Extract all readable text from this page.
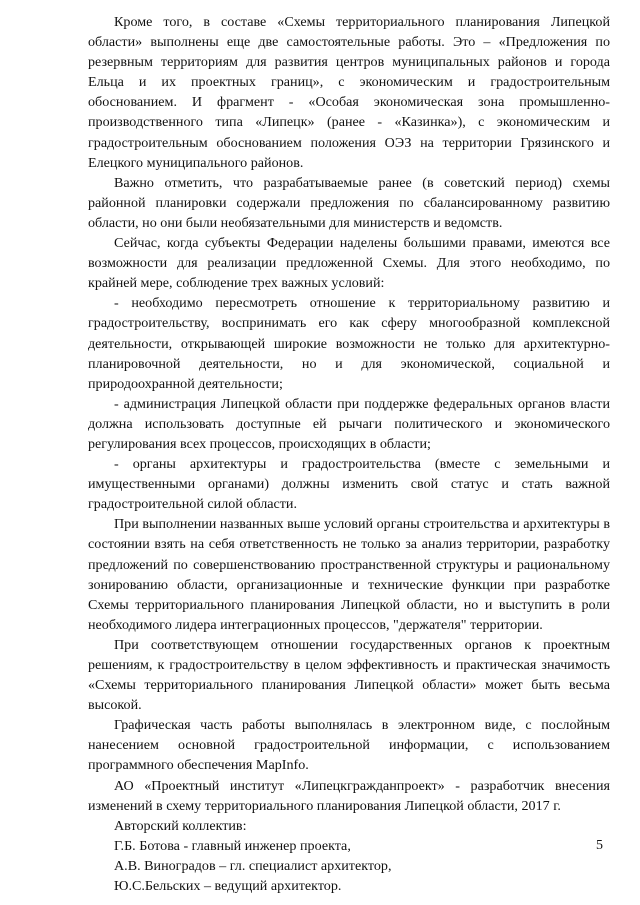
Кроме того, в составе «Схемы территориального планирования Липецкой области» выполнены еще две самостоятельные работы. Это – «Предложения по резервным территориям для развития центров муниципальных районов и города Ельца и их проектных границ», с экономическим и градостроительным обоснованием. И фрагмент - «Особая экономическая зона промышленно-производственного типа «Липецк» (ранее - «Казинка»), с экономическим и градостроительным обоснованием положения ОЭЗ на территории Грязинского и Елецкого муниципального районов.

Важно отметить, что разрабатываемые ранее (в советский период) схемы районной планировки содержали предложения по сбалансированному развитию области, но они были необязательными для министерств и ведомств.

Сейчас, когда субъекты Федерации наделены большими правами, имеются все возможности для реализации предложенной Схемы. Для этого необходимо, по крайней мере, соблюдение трех важных условий:

- необходимо пересмотреть отношение к территориальному развитию и градостроительству, воспринимать его как сферу многообразной комплексной деятельности, открывающей широкие возможности не только для архитектурно-планировочной деятельности, но и для экономической, социальной и природоохранной деятельности;

- администрация Липецкой области при поддержке федеральных органов власти должна использовать доступные ей рычаги политического и экономического регулирования всех процессов, происходящих в области;

- органы архитектуры и градостроительства (вместе с земельными и имущественными органами) должны изменить свой статус и стать важной градостроительной силой области.

При выполнении названных выше условий органы строительства и архитектуры в состоянии взять на себя ответственность не только за анализ территории, разработку предложений по совершенствованию пространственной структуры и рациональному зонированию области, организационные и технические функции при разработке Схемы территориального планирования Липецкой области, но и выступить в роли необходимого лидера интеграционных процессов, "держателя" территории.

При соответствующем отношении государственных органов к проектным решениям, к градостроительству в целом эффективность и практическая значимость «Схемы территориального планирования Липецкой области» может быть весьма высокой.

Графическая часть работы выполнялась в электронном виде, с послойным нанесением основной градостроительной информации, с использованием программного обеспечения MapInfo.

АО «Проектный институт «Липецкгражданпроект» - разработчик внесения изменений в схему территориального планирования Липецкой области, 2017 г.

Авторский коллектив:

Г.Б. Ботова - главный инженер проекта,

А.В. Виноградов – гл. специалист архитектор,

Ю.С.Бельских – ведущий архитектор.

5
